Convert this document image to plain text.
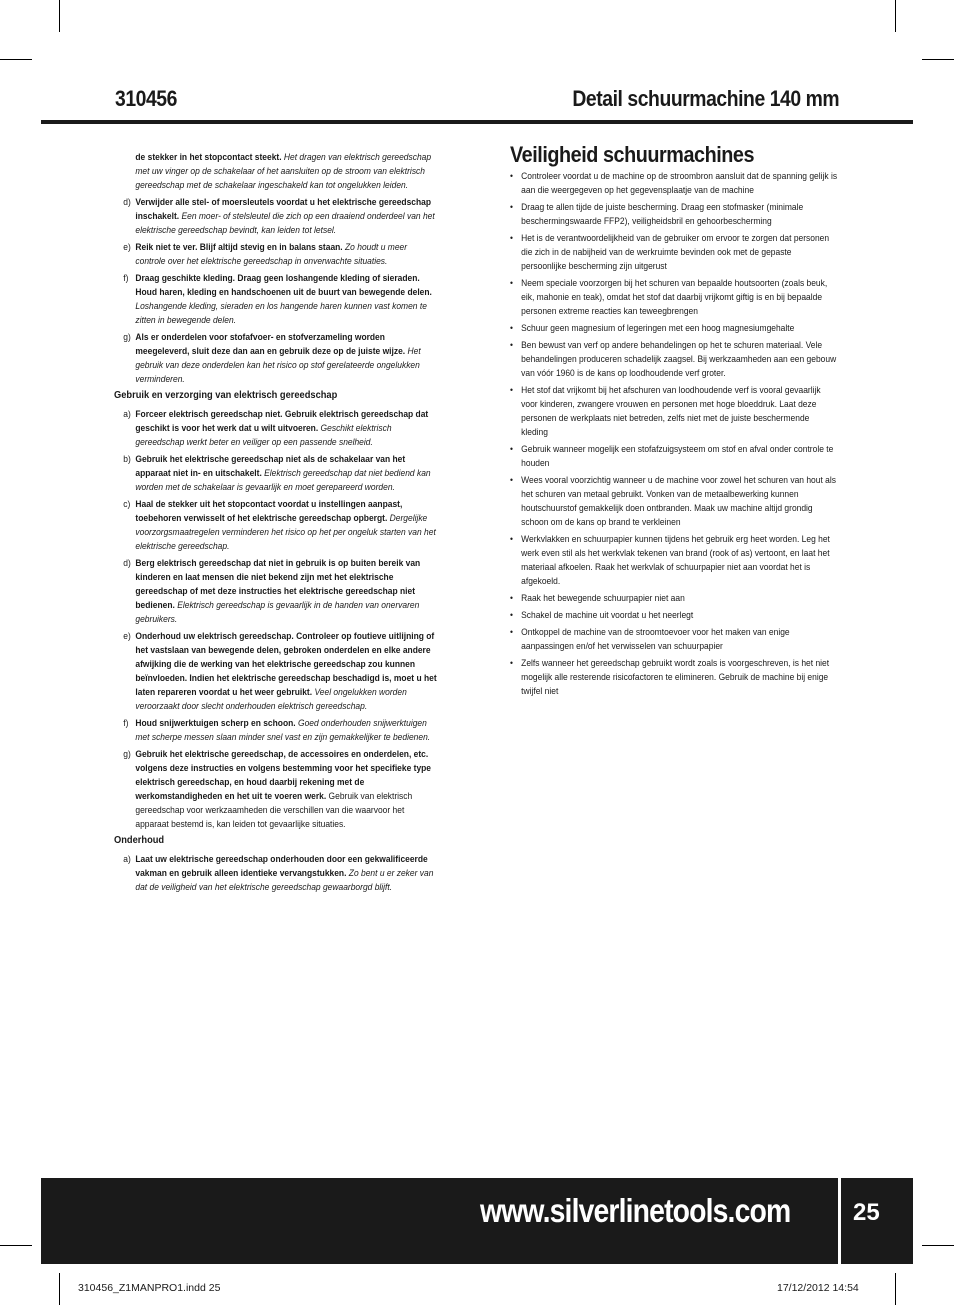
310456	Detail schuurmachine 140 mm
de stekker in het stopcontact steekt. Het dragen van elektrisch gereedschap met uw vinger op de schakelaar of het aansluiten op de stroom van elektrisch gereedschap met de schakelaar ingeschakeld kan tot ongelukken leiden.
d) Verwijder alle stel- of moersleutels voordat u het elektrische gereedschap inschakelt. Een moer- of stelsleutel die zich op een draaiend onderdeel van het elektrische gereedschap bevindt, kan leiden tot letsel.
e) Reik niet te ver. Blijf altijd stevig en in balans staan. Zo houdt u meer controle over het elektrische gereedschap in onverwachte situaties.
f) Draag geschikte kleding. Draag geen loshangende kleding of sieraden. Houd haren, kleding en handschoenen uit de buurt van bewegende delen. Loshangende kleding, sieraden en los hangende haren kunnen vast komen te zitten in bewegende delen.
g) Als er onderdelen voor stofafvoer- en stofverzameling worden meegeleverd, sluit deze dan aan en gebruik deze op de juiste wijze. Het gebruik van deze onderdelen kan het risico op stof gerelateerde ongelukken verminderen.
Gebruik en verzorging van elektrisch gereedschap
a) Forceer elektrisch gereedschap niet. Gebruik elektrisch gereedschap dat geschikt is voor het werk dat u wilt uitvoeren. Geschikt elektrisch gereedschap werkt beter en veiliger op een passende snelheid.
b) Gebruik het elektrische gereedschap niet als de schakelaar van het apparaat niet in- en uitschakelt. Elektrisch gereedschap dat niet bediend kan worden met de schakelaar is gevaarlijk en moet gerepareerd worden.
c) Haal de stekker uit het stopcontact voordat u instellingen aanpast, toebehoren verwisselt of het elektrische gereedschap opbergt. Dergelijke voorzorgsmaatregelen verminderen het risico op het per ongeluk starten van het elektrische gereedschap.
d) Berg elektrisch gereedschap dat niet in gebruik is op buiten bereik van kinderen en laat mensen die niet bekend zijn met het elektrische gereedschap of met deze instructies het elektrische gereedschap niet bedienen. Elektrisch gereedschap is gevaarlijk in de handen van onervaren gebruikers.
e) Onderhoud uw elektrisch gereedschap. Controleer op foutieve uitlijning of het vastslaan van bewegende delen, gebroken onderdelen en elke andere afwijking die de werking van het elektrische gereedschap zou kunnen beïnvloeden. Indien het elektrische gereedschap beschadigd is, moet u het laten repareren voordat u het weer gebruikt. Veel ongelukken worden veroorzaakt door slecht onderhouden elektrisch gereedschap.
f) Houd snijwerktuigen scherp en schoon. Goed onderhouden snijwerktuigen met scherpe messen slaan minder snel vast en zijn gemakkelijker te bedienen.
g) Gebruik het elektrische gereedschap, de accessoires en onderdelen, etc. volgens deze instructies en volgens bestemming voor het specifieke type elektrisch gereedschap, en houd daarbij rekening met de werkomstandigheden en het uit te voeren werk. Gebruik van elektrisch gereedschap voor werkzaamheden die verschillen van die waarvoor het apparaat bestemd is, kan leiden tot gevaarlijke situaties.
Onderhoud
a) Laat uw elektrische gereedschap onderhouden door een gekwalificeerde vakman en gebruik alleen identieke vervangstukken. Zo bent u er zeker van dat de veiligheid van het elektrische gereedschap gewaarborgd blijft.
Veiligheid schuurmachines
• Controleer voordat u de machine op de stroombron aansluit dat de spanning gelijk is aan die weergegeven op het gegevensplaatje van de machine
• Draag te allen tijde de juiste bescherming. Draag een stofmasker (minimale beschermingswaarde FFP2), veiligheidsbril en gehoorbescherming
• Het is de verantwoordelijkheid van de gebruiker om ervoor te zorgen dat personen die zich in de nabijheid van de werkruimte bevinden ook met de gepaste persoonlijke bescherming zijn uitgerust
• Neem speciale voorzorgen bij het schuren van bepaalde houtsoorten (zoals beuk, eik, mahonie en teak), omdat het stof dat daarbij vrijkomt giftig is en bij bepaalde personen extreme reacties kan teweegbrengen
• Schuur geen magnesium of legeringen met een hoog magnesiumgehalte
• Ben bewust van verf op andere behandelingen op het te schuren materiaal. Vele behandelingen produceren schadelijk zaagsel. Bij werkzaamheden aan een gebouw van vóór 1960 is de kans op loodhoudende verf groter.
• Het stof dat vrijkomt bij het afschuren van loodhoudende verf is vooral gevaarlijk voor kinderen, zwangere vrouwen en personen met hoge bloeddruk. Laat deze personen de werkplaats niet betreden, zelfs niet met de juiste beschermende kleding
• Gebruik wanneer mogelijk een stofafzuigsysteem om stof en afval onder controle te houden
• Wees vooral voorzichtig wanneer u de machine voor zowel het schuren van hout als het schuren van metaal gebruikt. Vonken van de metaalbewerking kunnen houtschuurstof gemakkelijk doen ontbranden. Maak uw machine altijd grondig schoon om de kans op brand te verkleinen
• Werkvlakken en schuurpapier kunnen tijdens het gebruik erg heet worden. Leg het werk even stil als het werkvlak tekenen van brand (rook of as) vertoont, en laat het materiaal afkoelen. Raak het werkvlak of schuurpapier niet aan voordat het is afgekoeld.
• Raak het bewegende schuurpapier niet aan
• Schakel de machine uit voordat u het neerlegt
• Ontkoppel de machine van de stroomtoevoer voor het maken van enige aanpassingen en/of het verwisselen van schuurpapier
• Zelfs wanneer het gereedschap gebruikt wordt zoals is voorgeschreven, is het niet mogelijk alle resterende risicofactoren te elimineren. Gebruik de machine bij enige twijfel niet
www.silverlinetools.com	25
310456_Z1MANPRO1.indd 25	17/12/2012 14:54
